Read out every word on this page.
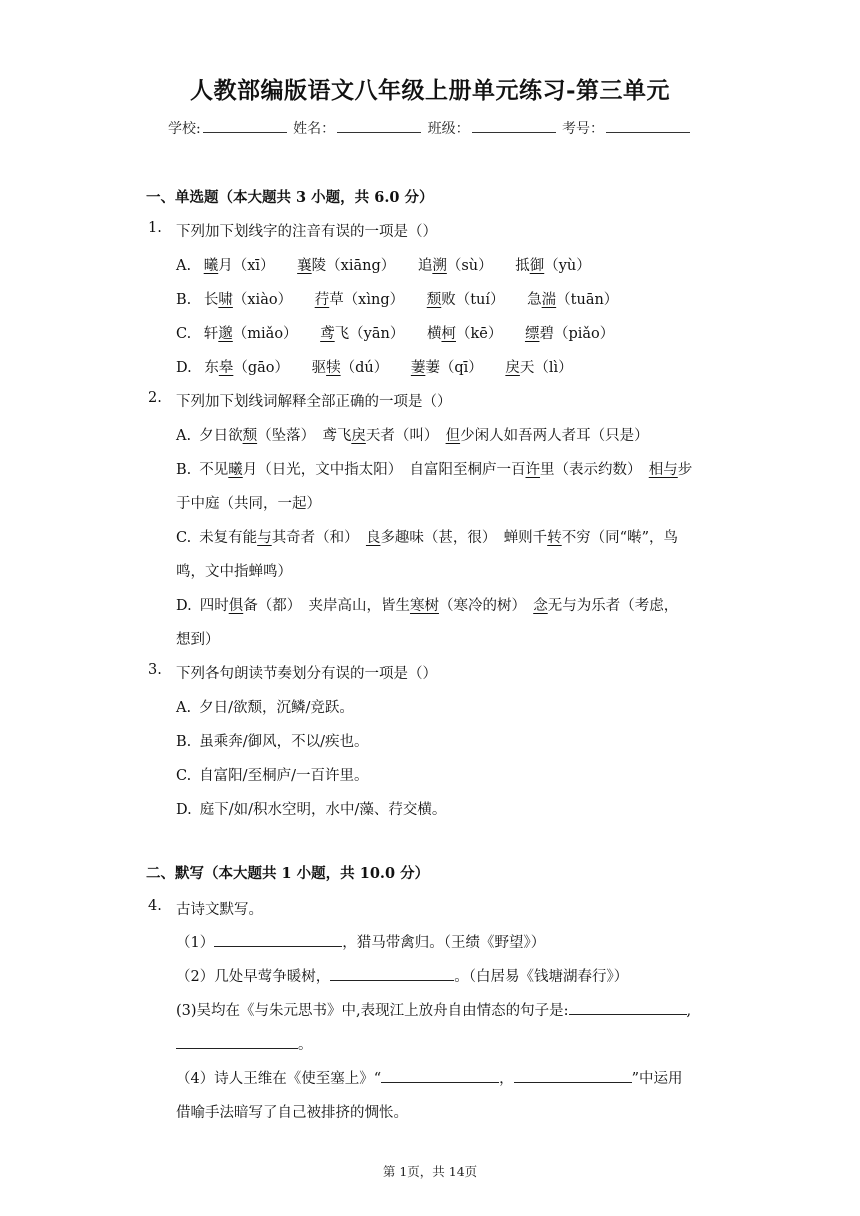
人教部编版语文八年级上册单元练习-第三单元
学校:	姓名：	班级：	考号：
一、单选题（本大题共 3 小题，共 6.0 分）
1. 下列加下划线字的注音有误的一项是（）
A. 曦月（xī） 襄陵（xiāng） 追溯（sù） 抵御（yù）
B. 长啸（xiào） 荇草（xìng） 颓败（tuí） 急湍（tuān）
C. 轩邈（miǎo） 鸢飞（yān） 横柯（kē） 缥碧（piǎo）
D. 东皋（gāo） 驱犊（dú） 萋萋（qī） 戾天（lì）
2. 下列加下划线词解释全部正确的一项是（）
A. 夕日欲颓（坠落）　鸢飞戾天者（叫）　但少闲人如吾两人者耳（只是）
B. 不见曦月（日光，文中指太阳）　自富阳至桐庐一百许里（表示约数）　相与步
于中庭（共同，一起）
C. 未复有能与其奇者（和）　良多趣味（甚，很）　蝉则千转不穷（同“啭”，鸟
鸣，文中指蝉鸣）
D. 四时俱备（都）　夹岸高山，皆生寒树（寒冷的树）　念无与为乐者（考虑，
想到）
3. 下列各句朗读节奏划分有误的一项是（）
A. 夕日/欲颓，沉鳞/竞跃。
B. 虽乘奔/御风，不以/疾也。
C. 自富阳/至桐庐/一百许里。
D. 庭下/如/积水空明，水中/藻、荇交横。
二、默写（本大题共 1 小题，共 10.0 分）
4. 古诗文默写。
（1）	，猎马带禽归。（王绩《野望》）
（2）几处早莺争暖树，	。（白居易《钱塘湖春行》）
(3)吴均在《与朱元思书》中,表现江上放舟自由情态的句子是:	,
。
（4）诗人王维在《使至塞上》“	，	”中运用
借喻手法暗写了自己被排挤的惆怅。
第 1页，共 14页
